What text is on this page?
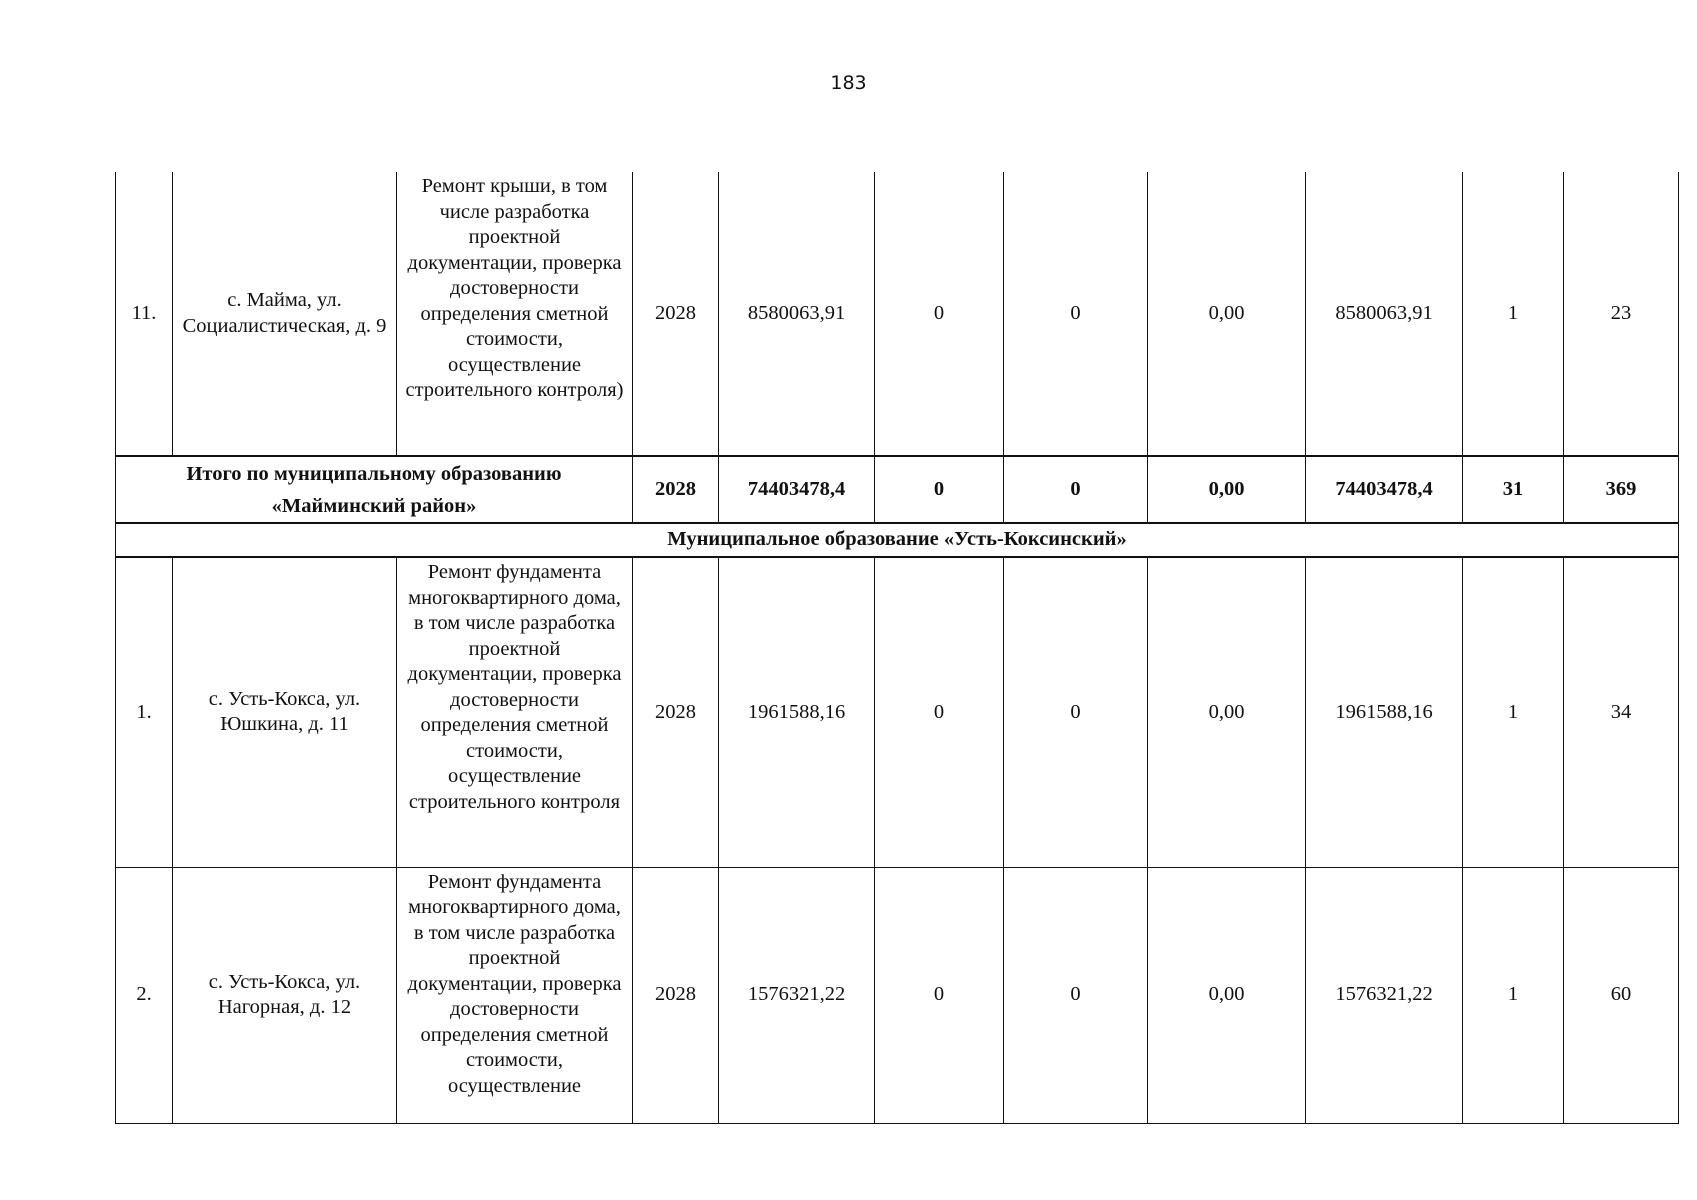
183
11.	с. Майма, ул. Социалистическая, д. 9	Ремонт крыши, в том числе разработка проектной документации, проверка достоверности определения сметной стоимости, осуществление строительного контроля)	2028	8580063,91	0	0	0,00	8580063,91	1	23
Итого по муниципальному образованию «Майминский район»			2028	74403478,4	0	0	0,00	74403478,4	31	369
Муниципальное образование «Усть-Коксинский»										
1.	с. Усть-Кокса, ул. Юшкина, д. 11	Ремонт фундамента многоквартирного дома, в том числе разработка проектной документации, проверка достоверности определения сметной стоимости, осуществление строительного контроля	2028	1961588,16	0	0	0,00	1961588,16	1	34
2.	с. Усть-Кокса, ул. Нагорная, д. 12	Ремонт фундамента многоквартирного дома, в том числе разработка проектной документации, проверка достоверности определения сметной стоимости, осуществление	2028	1576321,22	0	0	0,00	1576321,22	1	60
